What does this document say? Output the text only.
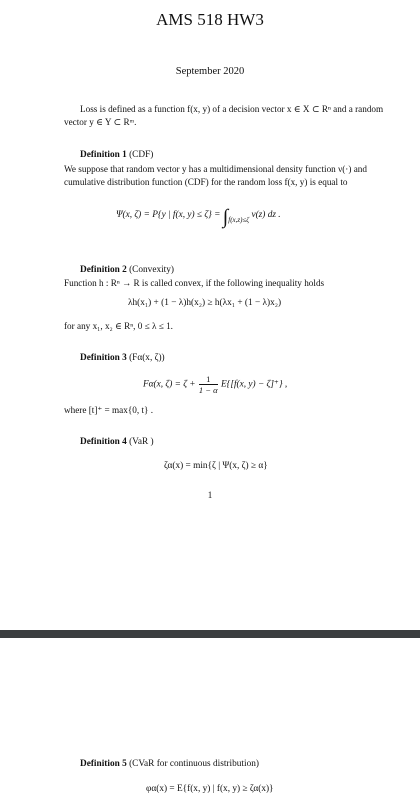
AMS 518 HW3
September 2020
Loss is defined as a function f(x, y) of a decision vector x ∈ X ⊂ Rⁿ and a random vector y ∈ Y ⊂ Rᵐ.
Definition 1 (CDF)
We suppose that random vector y has a multidimensional density function ν(·) and cumulative distribution function (CDF) for the random loss f(x, y) is equal to
Ψ(x, ζ) = P{y | f(x, $y) \le \zeta\} = \int_{f(x,z)\le\zeta}$ ν(z) dz .
Definition 2 (Convexity)
Function h : Rⁿ → R is called convex, if the following inequality holds
λh(x₁) + (1 − λ)h(x₂) ≥ h(λx₁ + (1 − λ)x₂)
for any x₁, x₂ ∈ Rⁿ, 0 ≤ λ ≤ 1.
Definition 3 (Fα(x, ζ))
Fα(x, $\zeta) = \zeta + \frac{1}{1 - \alpha} E\{[f(x$, y) − ζ]⁺} ,
where [t]⁺ = max{0, t} .
Definition 4 (VaR )
ζα(x) = min{ζ | Ψ(x, ζ) ≥ α}
1
Definition 5 (CVaR for continuous distribution)
φα(x) = E{f(x, y) | f(x, y) ≥ ζα(x)}
